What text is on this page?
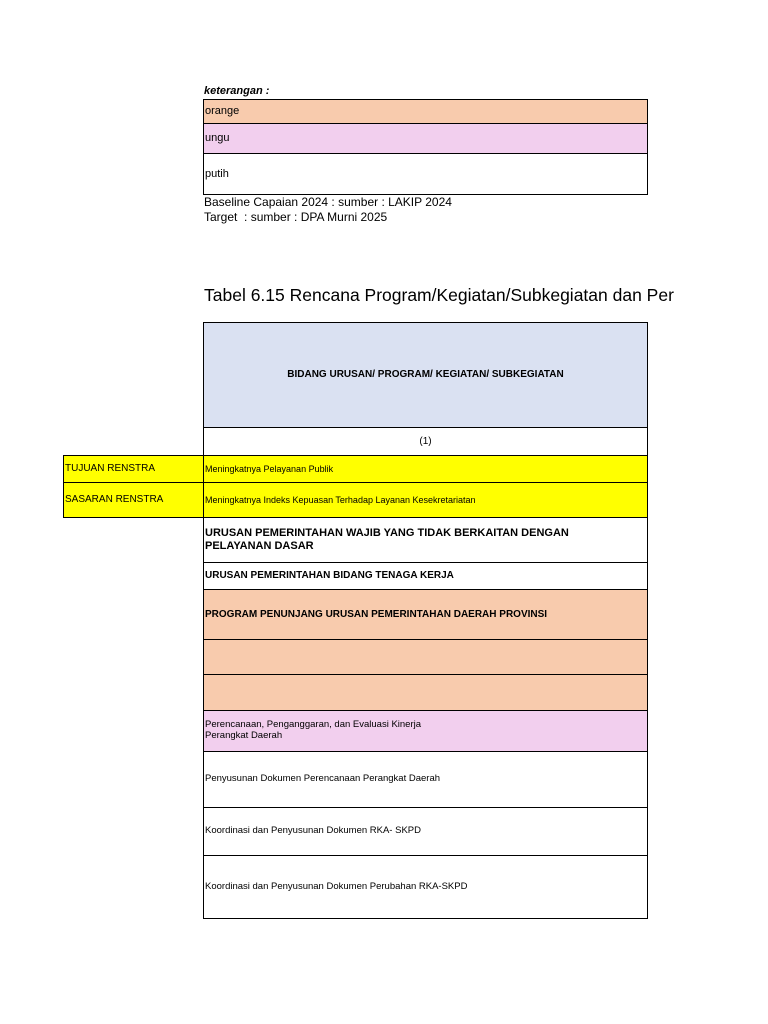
keterangan :
orange
ungu
putih
Baseline Capaian 2024 : sumber : LAKIP 2024
Target  : sumber : DPA Murni 2025
Tabel 6.15 Rencana Program/Kegiatan/Subkegiatan dan Per
BIDANG URUSAN/ PROGRAM/ KEGIATAN/ SUBKEGIATAN
(1)
TUJUAN RENSTRA	Meningkatnya Pelayanan Publik
SASARAN RENSTRA	Meningkatnya Indeks Kepuasan Terhadap Layanan Kesekretariatan
URUSAN PEMERINTAHAN WAJIB YANG TIDAK BERKAITAN DENGAN PELAYANAN DASAR
URUSAN PEMERINTAHAN BIDANG TENAGA KERJA
PROGRAM PENUNJANG URUSAN PEMERINTAHAN DAERAH PROVINSI
Perencanaan, Penganggaran, dan Evaluasi Kinerja Perangkat Daerah
Penyusunan Dokumen Perencanaan Perangkat Daerah
Koordinasi dan Penyusunan Dokumen RKA- SKPD
Koordinasi dan Penyusunan Dokumen Perubahan RKA-SKPD
